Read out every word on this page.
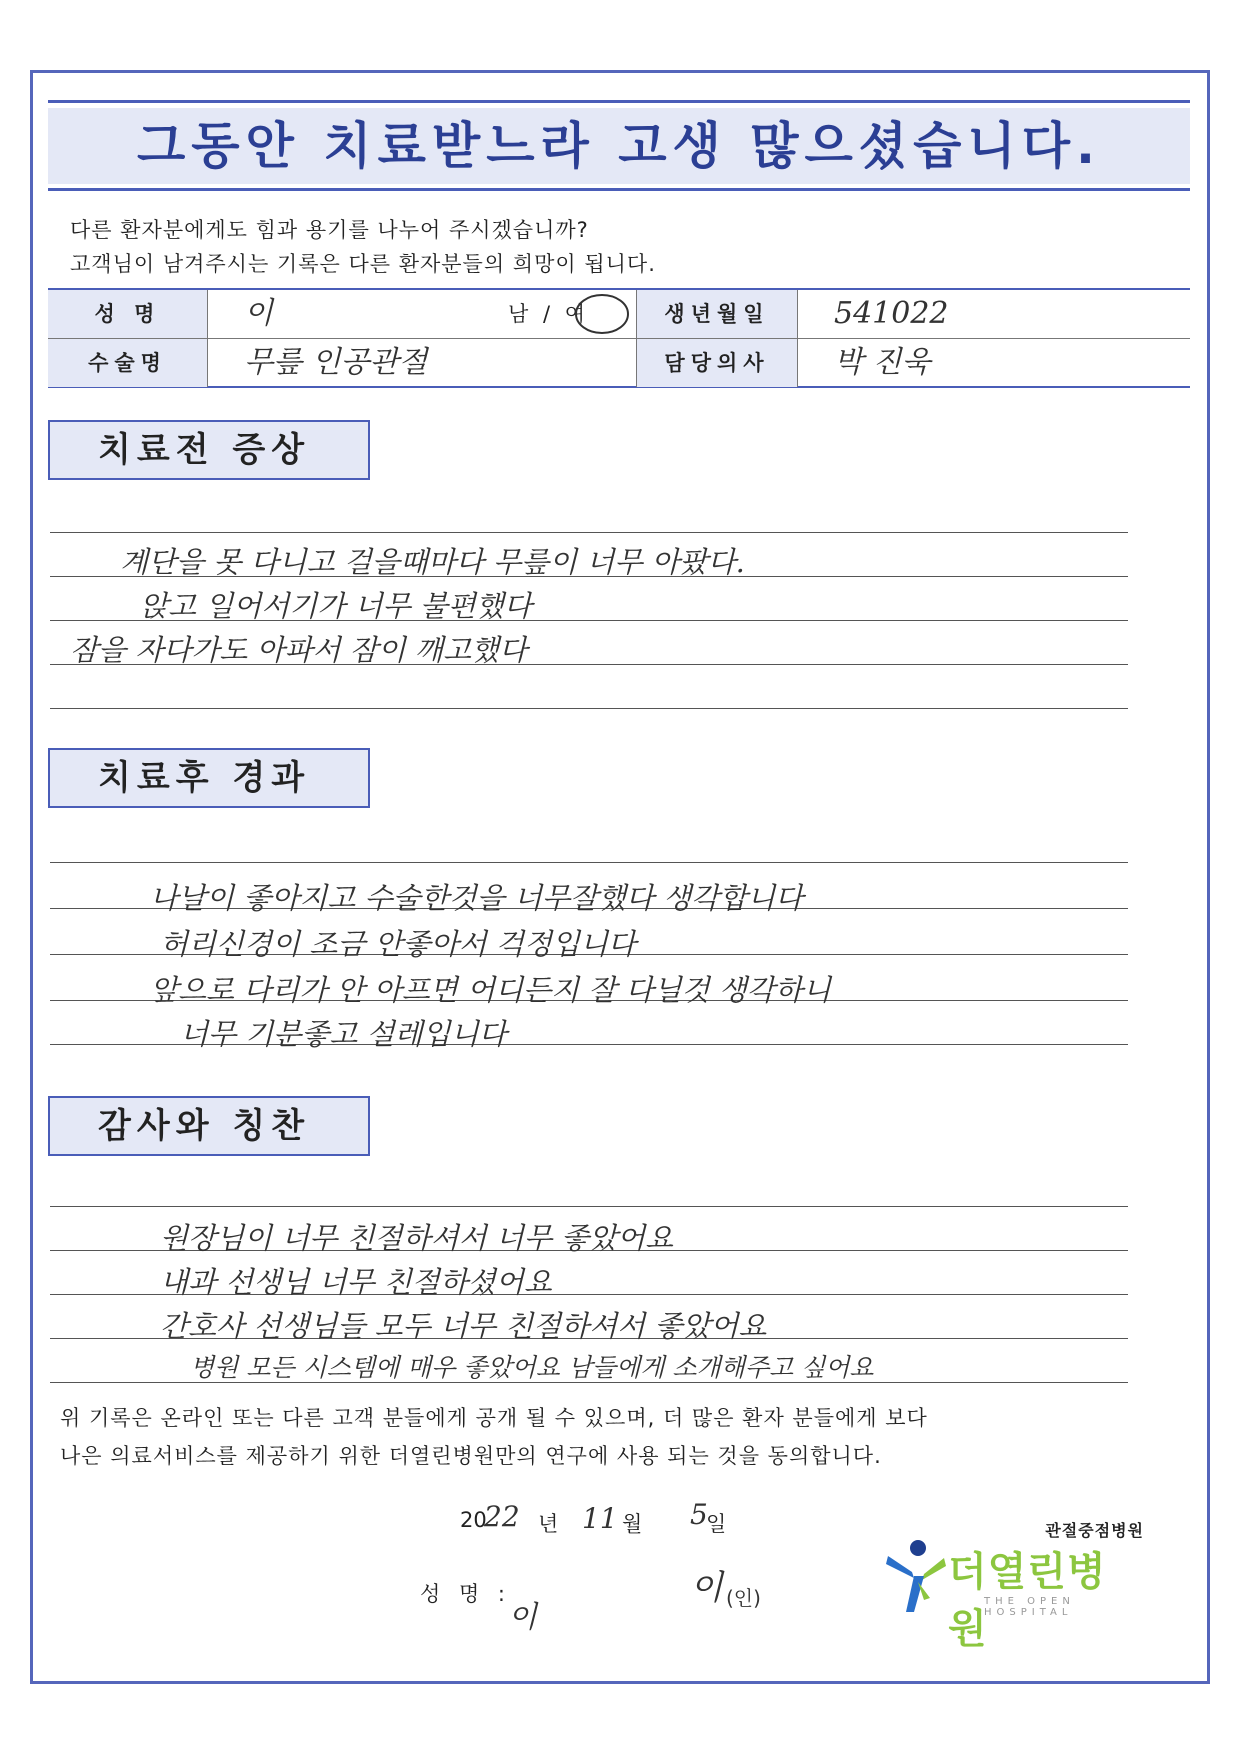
그동안 치료받느라 고생 많으셨습니다.
다른 환자분에게도 힘과 용기를 나누어 주시겠습니까?
고객님이 남겨주시는 기록은 다른 환자분들의 희망이 됩니다.
성 명	이	남 / 여	생년월일	541022
수술명	무릎 인공관절	담당의사	박 진욱
치료전 증상
계단을 못 다니고 걸을때마다 무릎이 너무 아팠다.
앉고 일어서기가 너무 불편했다
잠을 자다가도 아파서 잠이 깨고했다
치료후 경과
나날이 좋아지고 수술한것을 너무잘했다 생각합니다
허리신경이 조금 안좋아서 걱정입니다
앞으로 다리가 안 아프면 어디든지 잘 다닐것 생각하니
너무 기분좋고 설레입니다
감사와 칭찬
원장님이 너무 친절하셔서 너무 좋았어요
내과 선생님 너무 친절하셨어요
간호사 선생님들 모두 너무 친절하셔서 좋았어요
병원 모든 시스템에 매우 좋았어요 남들에게 소개해주고 싶어요
위 기록은 온라인 또는 다른 고객 분들에게 공개 될 수 있으며, 더 많은 환자 분들에게 보다
나은 의료서비스를 제공하기 위한 더열린병원만의 연구에 사용 되는 것을 동의합니다.
20
22 년 11 월 5
일
성 명 :
이
이 (인)
관절중점병원
더열린병원
THE OPEN HOSPITAL
